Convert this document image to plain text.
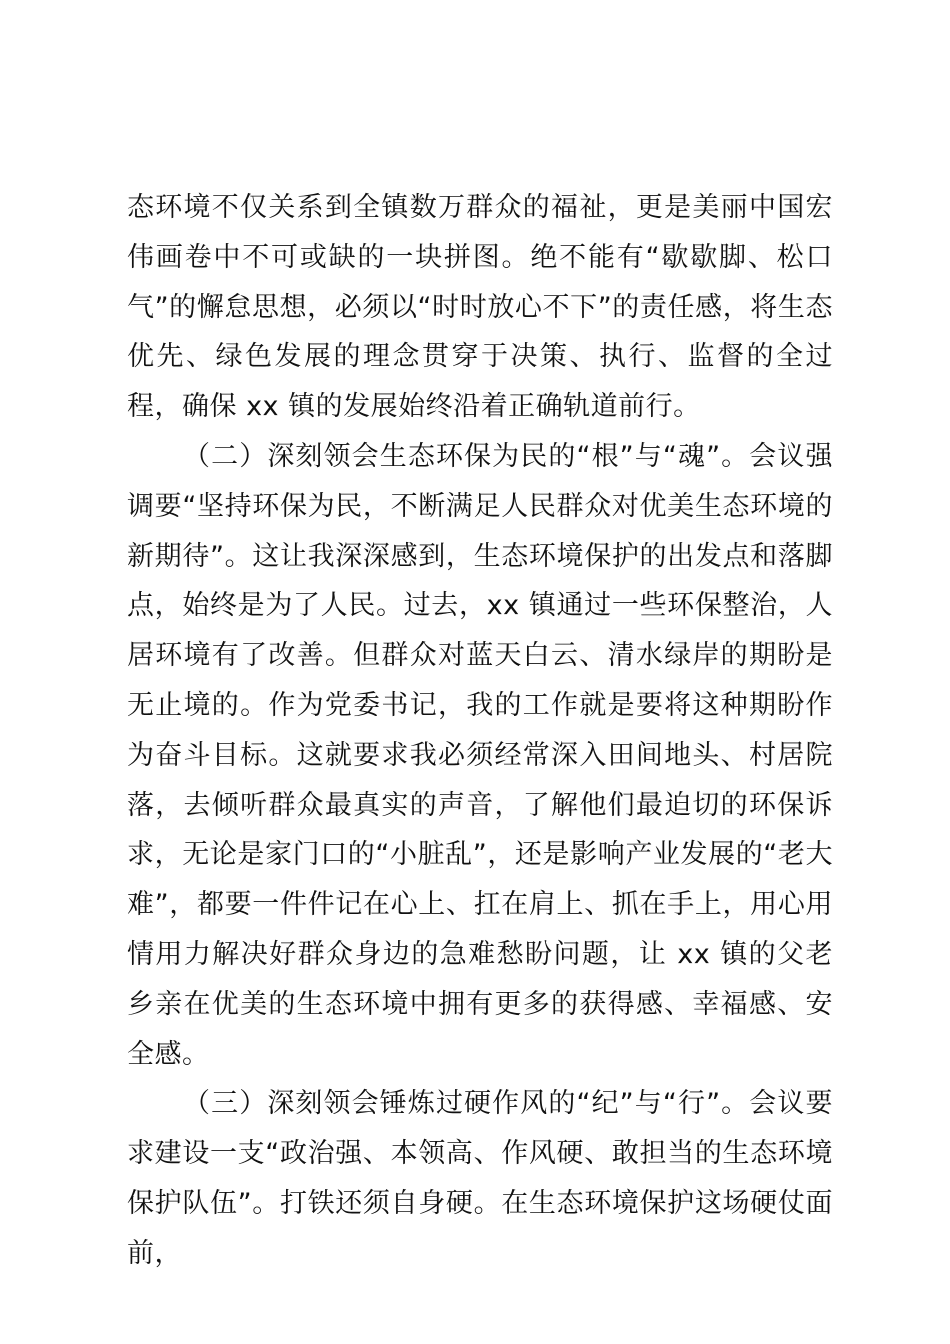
态环境不仅关系到全镇数万群众的福祉，更是美丽中国宏伟画卷中不可或缺的一块拼图。绝不能有“歇歇脚、松口气”的懈怠思想，必须以“时时放心不下”的责任感，将生态优先、绿色发展的理念贯穿于决策、执行、监督的全过程，确保 xx 镇的发展始终沿着正确轨道前行。

（二）深刻领会生态环保为民的“根”与“魂”。会议强调要“坚持环保为民，不断满足人民群众对优美生态环境的新期待”。这让我深深感到，生态环境保护的出发点和落脚点，始终是为了人民。过去，xx 镇通过一些环保整治，人居环境有了改善。但群众对蓝天白云、清水绿岸的期盼是无止境的。作为党委书记，我的工作就是要将这种期盼作为奋斗目标。这就要求我必须经常深入田间地头、村居院落，去倾听群众最真实的声音，了解他们最迫切的环保诉求，无论是家门口的“小脏乱”，还是影响产业发展的“老大难”，都要一件件记在心上、扛在肩上、抓在手上，用心用情用力解决好群众身边的急难愁盼问题，让 xx 镇的父老乡亲在优美的生态环境中拥有更多的获得感、幸福感、安全感。

（三）深刻领会锤炼过硬作风的“纪”与“行”。会议要求建设一支“政治强、本领高、作风硬、敢担当的生态环境保护队伍”。打铁还须自身硬。在生态环境保护这场硬仗面前，
